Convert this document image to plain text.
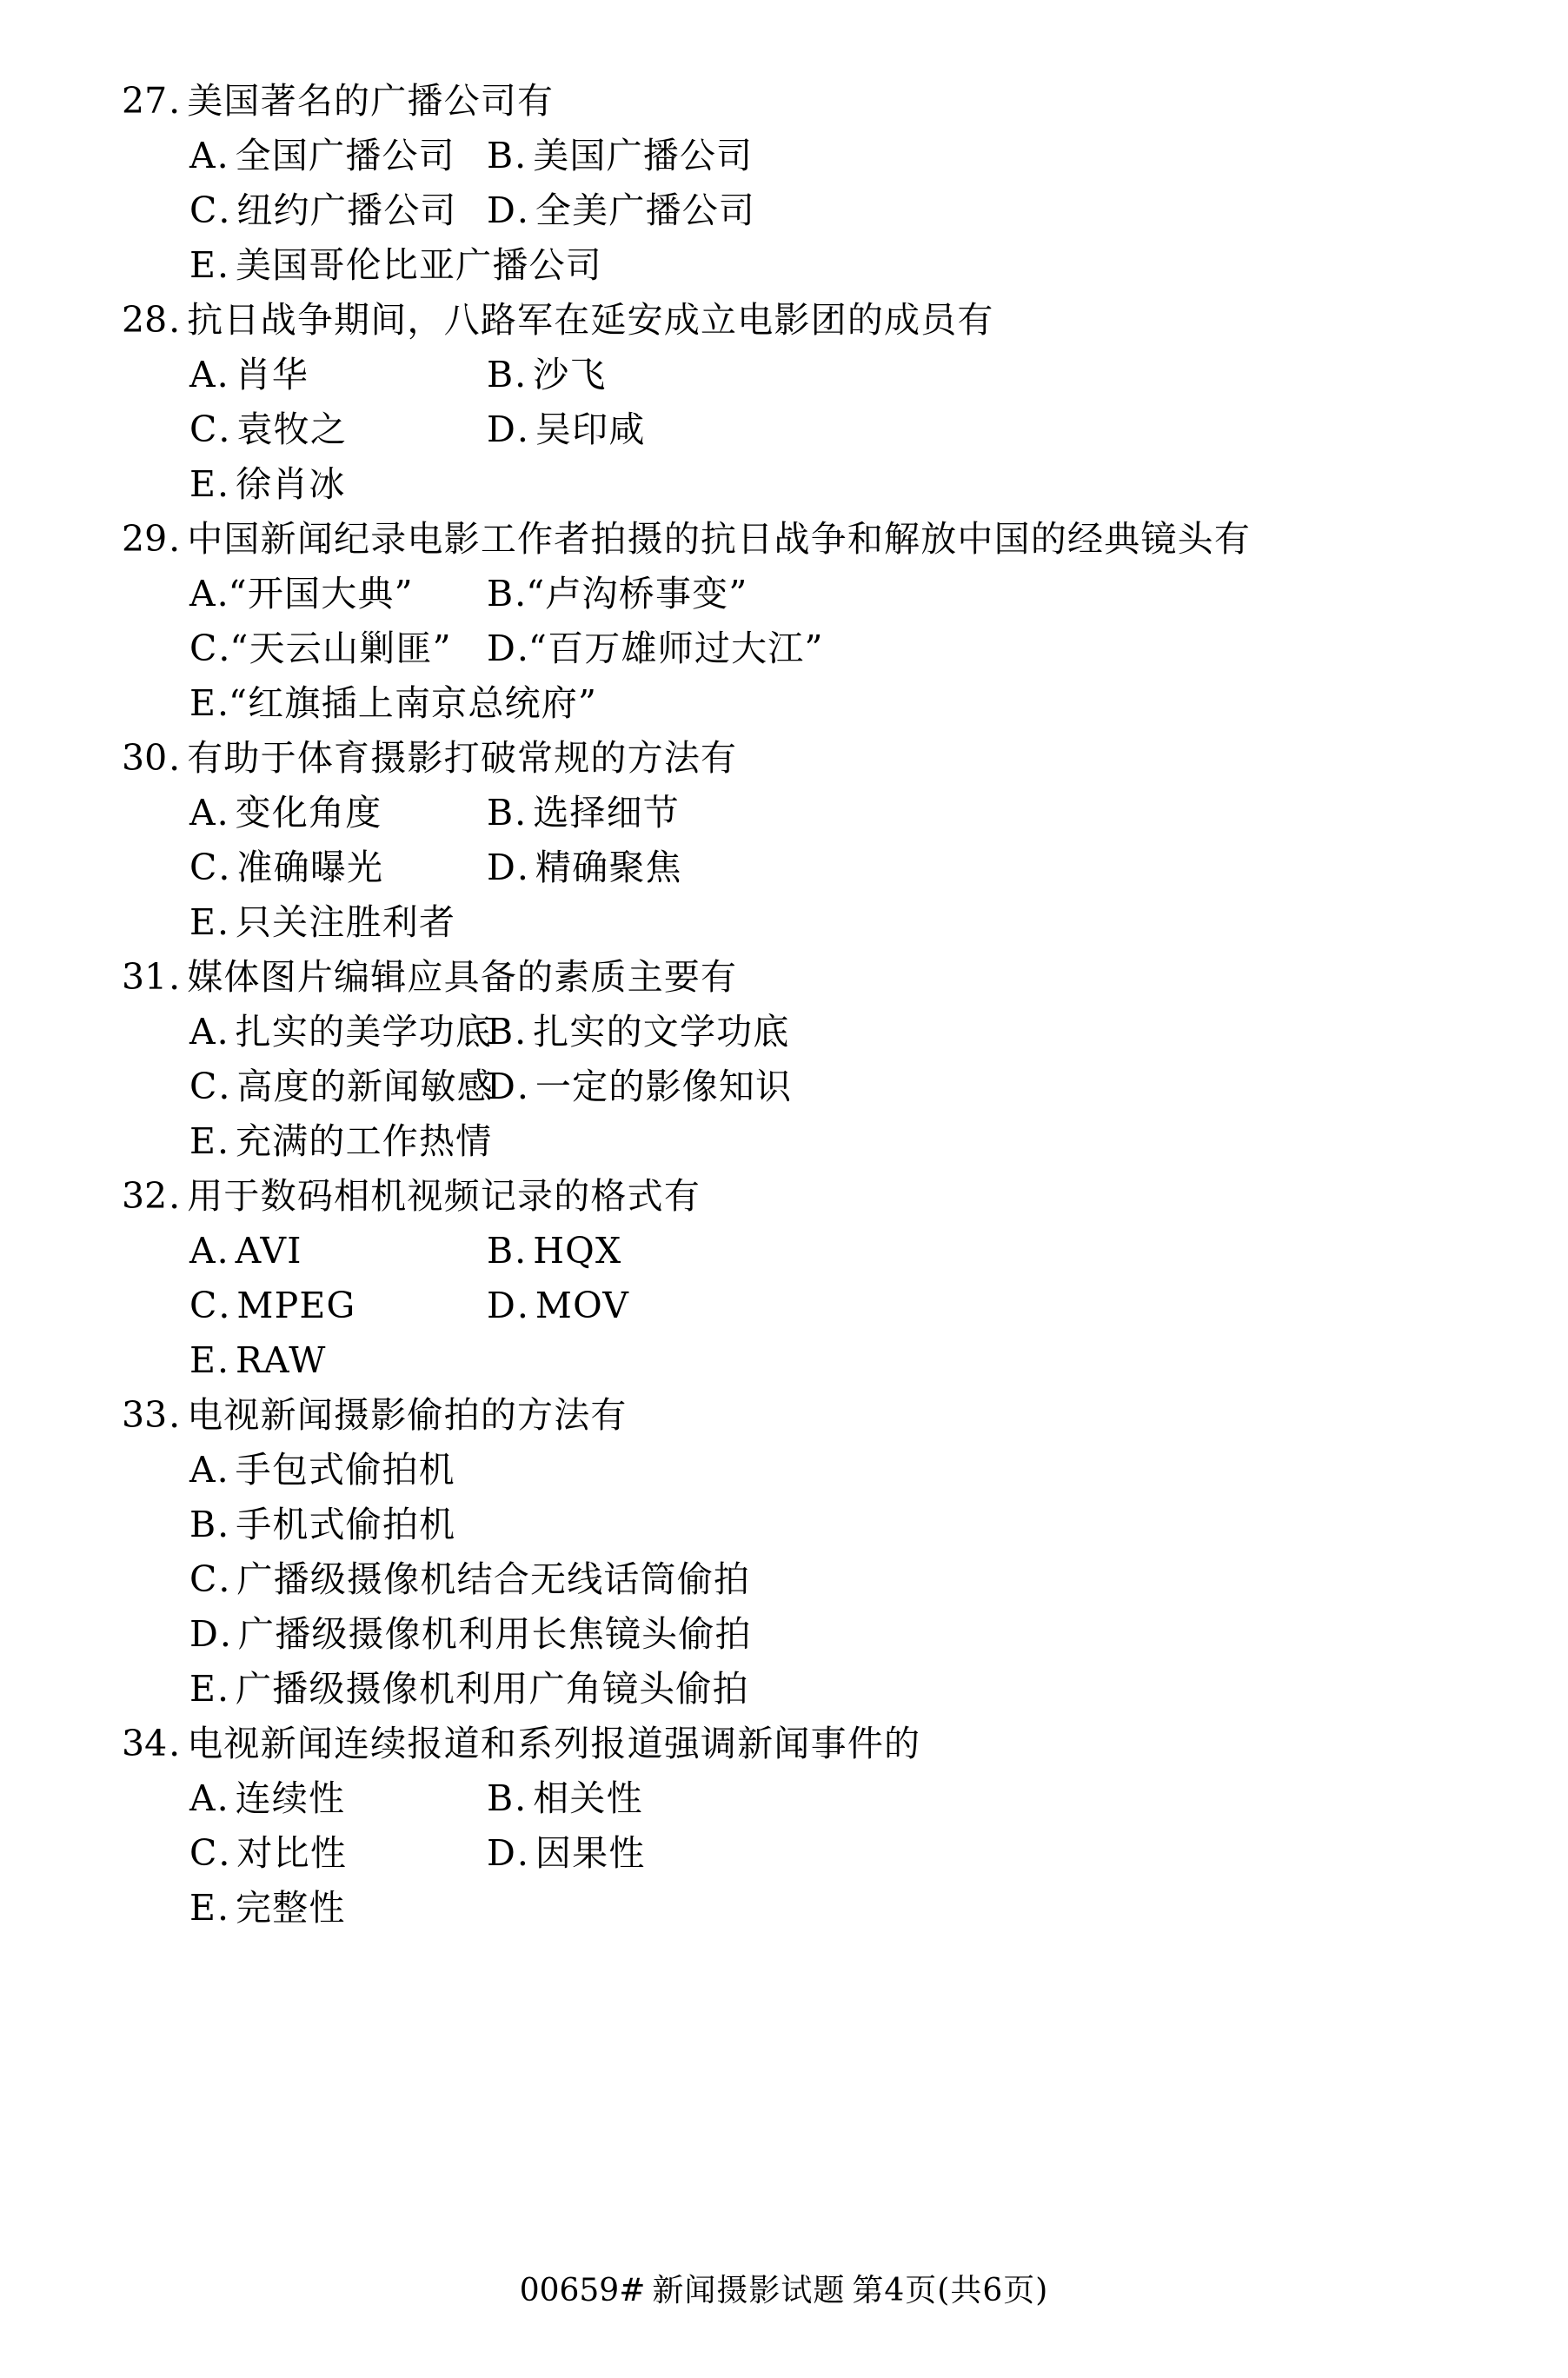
27 . 美国著名的广播公司有
A . 全国广播公司 B . 美国广播公司
C . 纽约广播公司 D . 全美广播公司
E . 美国哥伦比亚广播公司
28 . 抗日战争期间，八路军在延安成立电影团的成员有
A . 肖华	B . 沙飞
C . 袁牧之	D . 吴印咸
E . 徐肖冰
29 . 中国新闻纪录电影工作者拍摄的抗日战争和解放中国的经典镜头有
A . “开国大典” B . “卢沟桥事变”
C . “天云山剿匪” D . “百万雄师过大江”
E . “红旗插上南京总统府”
30 . 有助于体育摄影打破常规的方法有
A . 变化角度	B . 选择细节
C . 准确曝光	D . 精确聚焦
E . 只关注胜利者
31 . 媒体图片编辑应具备的素质主要有
A . 扎实的美学功底
B . 扎实的文学功底
C . 高度的新闻敏感
D . 一定的影像知识
E . 充满的工作热情
32 . 用于数码相机视频记录的格式有
A . AVI	B . HQX
C . MPEG	D . MOV
E . RAW
33 . 电视新闻摄影偷拍的方法有
A . 手包式偷拍机
B . 手机式偷拍机
C . 广播级摄像机结合无线话筒偷拍
D . 广播级摄像机利用长焦镜头偷拍
E . 广播级摄像机利用广角镜头偷拍
34 . 电视新闻连续报道和系列报道强调新闻事件的
A . 连续性	B . 相关性
C . 对比性	D . 因果性
E . 完整性
00659# 新闻摄影试题 第4页(共6页)
